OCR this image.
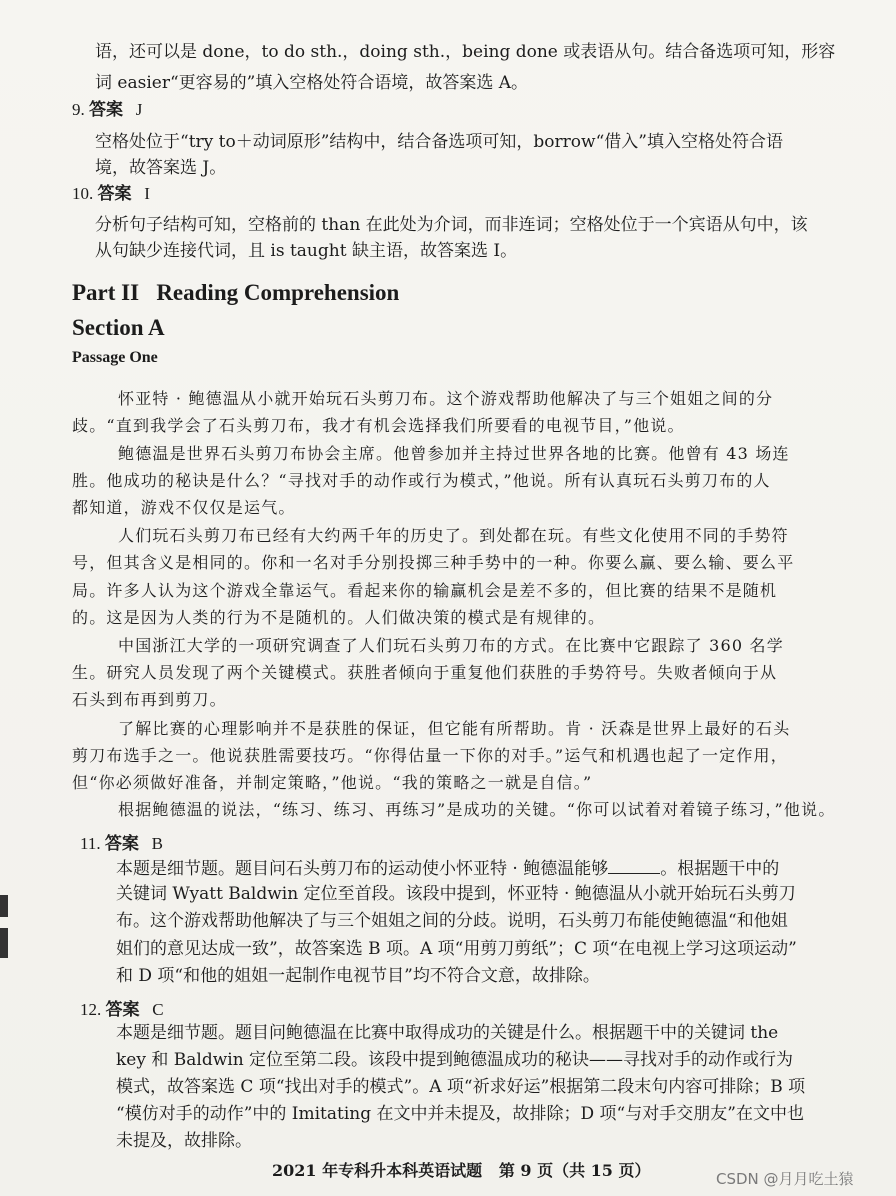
语，还可以是 done，to do sth.，doing sth.，being done 或表语从句。结合备选项可知，形容
词 easier“更容易的”填入空格处符合语境，故答案选 A。
9. 答案 J
空格处位于“try to＋动词原形”结构中，结合备选项可知，borrow“借入”填入空格处符合语
境，故答案选 J。
10. 答案 I
分析句子结构可知，空格前的 than 在此处为介词，而非连词；空格处位于一个宾语从句中，该
从句缺少连接代词，且 is taught 缺主语，故答案选 I。
Part II   Reading Comprehension
Section A
Passage One
怀亚特 · 鲍德温从小就开始玩石头剪刀布。这个游戏帮助他解决了与三个姐姐之间的分
歧。“直到我学会了石头剪刀布，我才有机会选择我们所要看的电视节目，”他说。
鲍德温是世界石头剪刀布协会主席。他曾参加并主持过世界各地的比赛。他曾有 43 场连
胜。他成功的秘诀是什么？“寻找对手的动作或行为模式，”他说。所有认真玩石头剪刀布的人
都知道，游戏不仅仅是运气。
人们玩石头剪刀布已经有大约两千年的历史了。到处都在玩。有些文化使用不同的手势符
号，但其含义是相同的。你和一名对手分别投掷三种手势中的一种。你要么赢、要么输、要么平
局。许多人认为这个游戏全靠运气。看起来你的输赢机会是差不多的，但比赛的结果不是随机
的。这是因为人类的行为不是随机的。人们做决策的模式是有规律的。
中国浙江大学的一项研究调查了人们玩石头剪刀布的方式。在比赛中它跟踪了 360 名学
生。研究人员发现了两个关键模式。获胜者倾向于重复他们获胜的手势符号。失败者倾向于从
石头到布再到剪刀。
了解比赛的心理影响并不是获胜的保证，但它能有所帮助。肯 · 沃森是世界上最好的石头
剪刀布选手之一。他说获胜需要技巧。“你得估量一下你的对手。”运气和机遇也起了一定作用，
但“你必须做好准备，并制定策略，”他说。“我的策略之一就是自信。”
根据鲍德温的说法，“练习、练习、再练习”是成功的关键。“你可以试着对着镜子练习，”他说。
11. 答案 B
本题是细节题。题目问石头剪刀布的运动使小怀亚特 · 鲍德温能够	。根据题干中的
关键词 Wyatt Baldwin 定位至首段。该段中提到，怀亚特 · 鲍德温从小就开始玩石头剪刀
布。这个游戏帮助他解决了与三个姐姐之间的分歧。说明，石头剪刀布能使鲍德温“和他姐
姐们的意见达成一致”，故答案选 B 项。A 项“用剪刀剪纸”；C 项“在电视上学习这项运动”
和 D 项“和他的姐姐一起制作电视节目”均不符合文意，故排除。
12. 答案 C
本题是细节题。题目问鲍德温在比赛中取得成功的关键是什么。根据题干中的关键词 the
key 和 Baldwin 定位至第二段。该段中提到鲍德温成功的秘诀——寻找对手的动作或行为
模式，故答案选 C 项“找出对手的模式”。A 项“祈求好运”根据第二段末句内容可排除；B 项
“模仿对手的动作”中的 Imitating 在文中并未提及，故排除；D 项“与对手交朋友”在文中也
未提及，故排除。
2021 年专科升本科英语试题   第 9 页（共 15 页）	CSDN @月月吃土猿
